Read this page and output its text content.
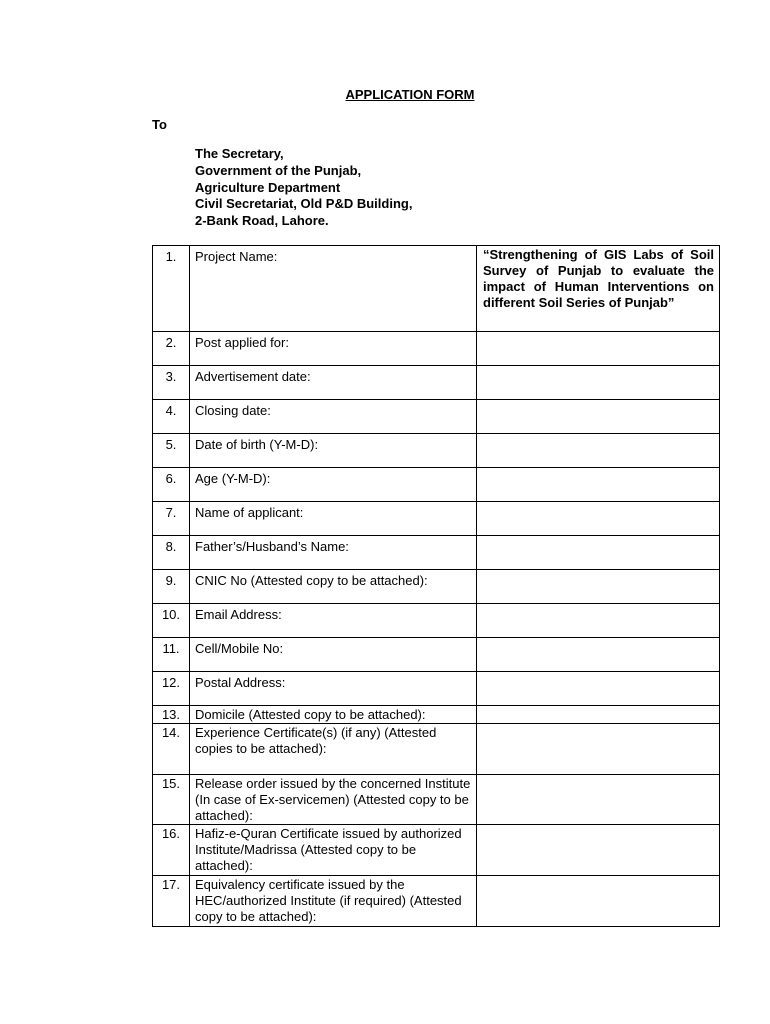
APPLICATION FORM
To
The Secretary,
Government of the Punjab,
Agriculture Department
Civil Secretariat, Old P&D Building,
2-Bank Road, Lahore.
1.	Project Name:	“Strengthening of GIS Labs of Soil Survey of Punjab to evaluate the impact of Human Interventions on different Soil Series of Punjab”
2.	Post applied for:	
3.	Advertisement date:	
4.	Closing date:	
5.	Date of birth (Y-M-D):	
6.	Age (Y-M-D):	
7.	Name of applicant:	
8.	Father’s/Husband’s Name:	
9.	CNIC No (Attested copy to be attached):	
10.	Email Address:	
11.	Cell/Mobile No:	
12.	Postal Address:	
13.	Domicile (Attested copy to be attached):	
14.	Experience Certificate(s) (if any) (Attested copies to be attached):	
15.	Release order issued by the concerned Institute (In case of Ex-servicemen) (Attested copy to be attached):	
16.	Hafiz-e-Quran Certificate issued by authorized Institute/Madrissa (Attested copy to be attached):	
17.	Equivalency certificate issued by the HEC/authorized Institute (if required) (Attested copy to be attached):	
